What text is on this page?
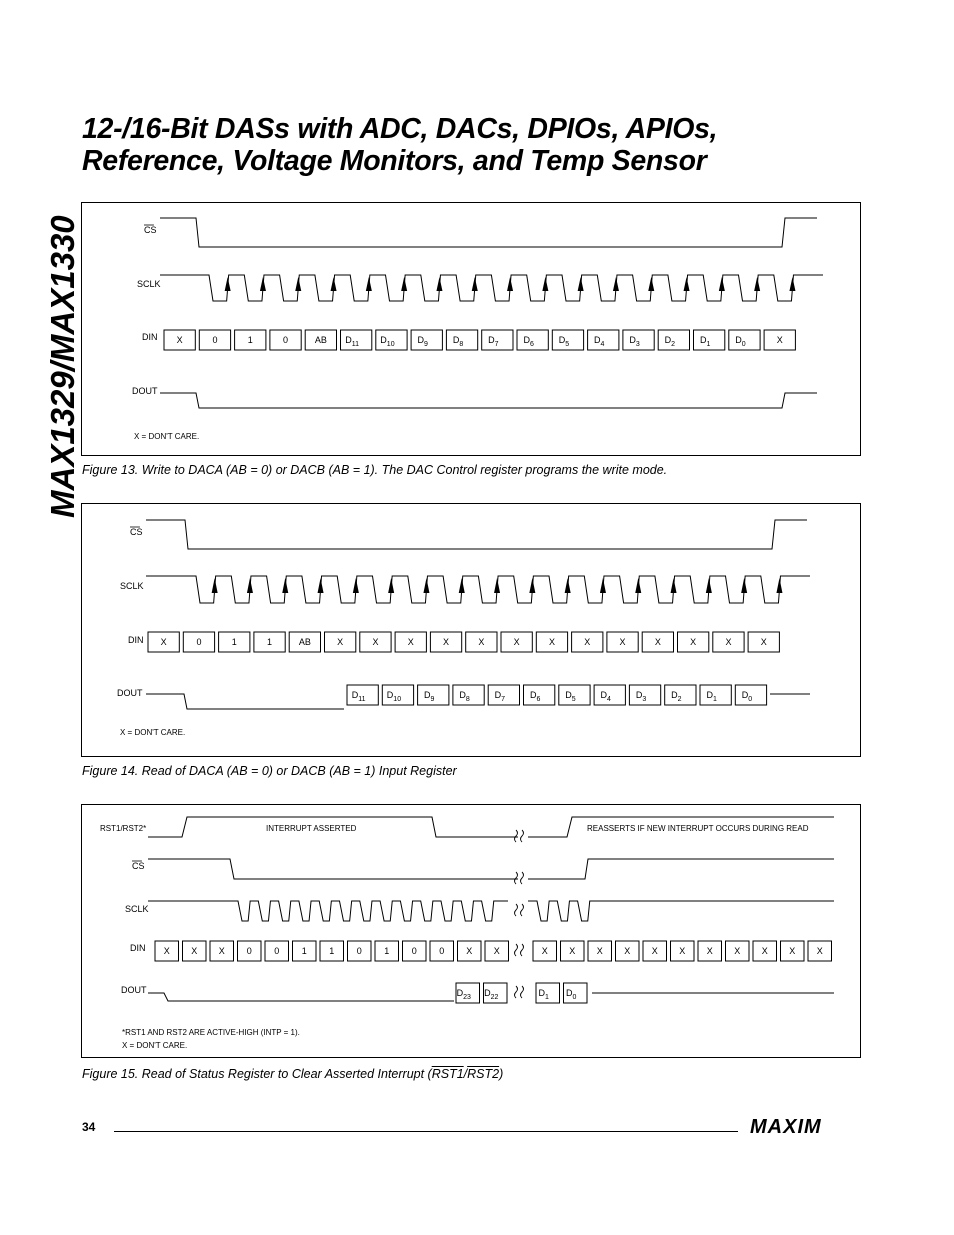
MAX1329/MAX1330
12-/16-Bit DASs with ADC, DACs, DPIOs, APIOs,
Reference, Voltage Monitors, and Temp Sensor
CS
SCLK
DIN
DOUT
X	0	1	0	AB $D_{11}$ $D_{10}$	$D_9$	$D_8$	$D_7$	$D_6$	$D_5$	$D_4$	$D_3$	$D_2$	$D_1$	$D_0$	X
X = DON'T CARE.
Figure 13. Write to DACA (AB = 0) or DACB (AB = 1). The DAC Control register programs the write mode.
CS
SCLK
DIN
DOUT
X	0	1	1	AB	X	X	X	X	X	X	X	X	X	X	X	X	X
$D_{11}$ $D_{10}$	$D_9$	$D_8$	$D_7$	$D_6$	$D_5$	$D_4$	$D_3$	$D_2$	$D_1$	$D_0$
X = DON'T CARE.
Figure 14. Read of DACA (AB = 0) or DACB (AB = 1) Input Register
RST1/RST2*
CS
SCLK
DIN
DOUT
INTERRUPT ASSERTED	REASSERTS IF NEW INTERRUPT OCCURS DURING READ
X X X 0 0 1 1 0 1 0 0 X X	X X X X X X X X X X X
$D_{23}$ $D_{22}$	$D_1$ $D_0$
*RST1 AND RST2 ARE ACTIVE-HIGH (INTP = 1).
X = DON'T CARE.
Figure 15. Read of Status Register to Clear Asserted Interrupt (RST1/RST2)
34	MAXIM
